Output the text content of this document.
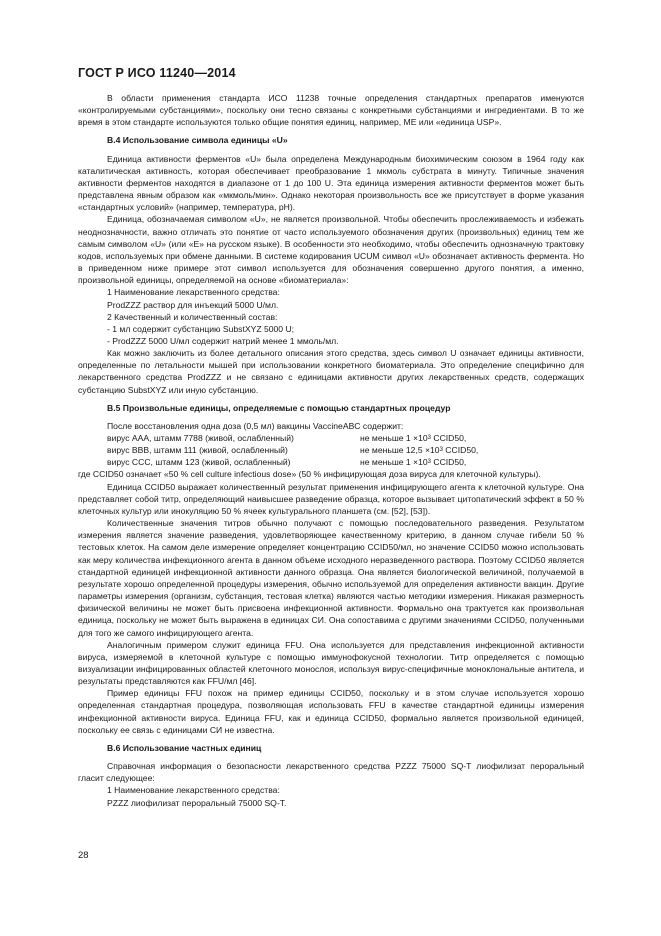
ГОСТ Р ИСО 11240—2014

В области применения стандарта ИСО 11238 точные определения стандартных препаратов именуются «контролируемыми субстанциями», поскольку они тесно связаны с конкретными субстанциями и ингредиентами. В то же время в этом стандарте используются только общие понятия единиц, например, МЕ или «единица USP».

B.4 Использование символа единицы «U»

Единица активности ферментов «U» была определена Международным биохимическим союзом в 1964 году как каталитическая активность, которая обеспечивает преобразование 1 мкмоль субстрата в минуту. Типичные значения активности ферментов находятся в диапазоне от 1 до 100 U. Эта единица измерения активности ферментов может быть представлена явным образом как «мкмоль/мин». Однако некоторая произвольность все же присутствует в форме указания «стандартных условий» (например, температура, pH).

Единица, обозначаемая символом «U», не является произвольной. Чтобы обеспечить прослеживаемость и избежать неоднозначности, важно отличать это понятие от часто используемого обозначения других (произвольных) единиц тем же самым символом «U» (или «E» на русском языке). В особенности это необходимо, чтобы обеспечить однозначную трактовку кодов, используемых при обмене данными. В системе кодирования UCUM символ «U» обозначает активность фермента. Но в приведенном ниже примере этот символ используется для обозначения совершенно другого понятия, а именно, произвольной единицы, определяемой на основе «биоматериала»:

1 Наименование лекарственного средства:
ProdZZZ раствор для инъекций 5000 U/мл.
2 Качественный и количественный состав:
- 1 мл содержит субстанцию SubstXYZ 5000 U;
- ProdZZZ 5000 U/мл содержит натрий менее 1 ммоль/мл.

Как можно заключить из более детального описания этого средства, здесь символ U означает единицы активности, определенные по летальности мышей при использовании конкретного биоматериала. Это определение специфично для лекарственного средства ProdZZZ и не связано с единицами активности других лекарственных средств, содержащих субстанцию SubstXYZ или иную субстанцию.

B.5 Произвольные единицы, определяемые с помощью стандартных процедур
После восстановления одна доза (0,5 мл) вакцины VaccineABC содержит:
вирус AAA, штамм 7788 (живой, ослабленный)	не меньше $1 \times 10^3$ CCID50,
вирус BBB, штамм 111 (живой, ослабленный)	не меньше $12,5 \times 10^3$ CCID50,
вирус CCC, штамм 123 (живой, ослабленный)	не меньше $1 \times 10^3$ CCID50,

где CCID50 означает «50 % cell culture infectious dose» (50 % инфицирующая доза вируса для клеточной культуры).

Единица CCID50 выражает количественный результат применения инфицирующего агента к клеточной культуре. Она представляет собой титр, определяющий наивысшее разведение образца, которое вызывает цитопатический эффект в 50 % клеточных культур или инокуляцию 50 % ячеек культурального планшета (см. [52], [53]).

Количественные значения титров обычно получают с помощью последовательного разведения. Результатом измерения является значение разведения, удовлетворяющее качественному критерию, в данном случае гибели 50 % тестовых клеток. На самом деле измерение определяет концентрацию CCID50/мл, но значение CCID50 можно использовать как меру количества инфекционного агента в данном объеме исходного неразведенного раствора. Поэтому CCID50 является стандартной единицей инфекционной активности данного образца. Она является биологической величиной, получаемой в результате хорошо определенной процедуры измерения, обычно используемой для определения активности вакцин. Другие параметры измерения (организм, субстанция, тестовая клетка) являются частью методики измерения. Никакая размерность физической величины не может быть присвоена инфекционной активности. Формально она трактуется как произвольная единица, поскольку не может быть выражена в единицах СИ. Она сопоставима с другими значениями CCID50, полученными для того же самого инфицирующего агента.

Аналогичным примером служит единица FFU. Она используется для представления инфекционной активности вируса, измеряемой в клеточной культуре с помощью иммунофокусной технологии. Титр определяется с помощью визуализации инфицированных областей клеточного монослоя, используя вирус-специфичные моноклональные антитела, и результаты представляются как FFU/мл [46].

Пример единицы FFU похож на пример единицы CCID50, поскольку и в этом случае используется хорошо определенная стандартная процедура, позволяющая использовать FFU в качестве стандартной единицы измерения инфекционной активности вируса. Единица FFU, как и единица CCID50, формально является произвольной единицей, поскольку ее связь с единицами СИ не известна.

B.6 Использование частных единиц

Справочная информация о безопасности лекарственного средства PZZZ 75000 SQ-T лиофилизат пероральный гласит следующее:

1 Наименование лекарственного средства:
PZZZ лиофилизат пероральный 75000 SQ-T.
28
